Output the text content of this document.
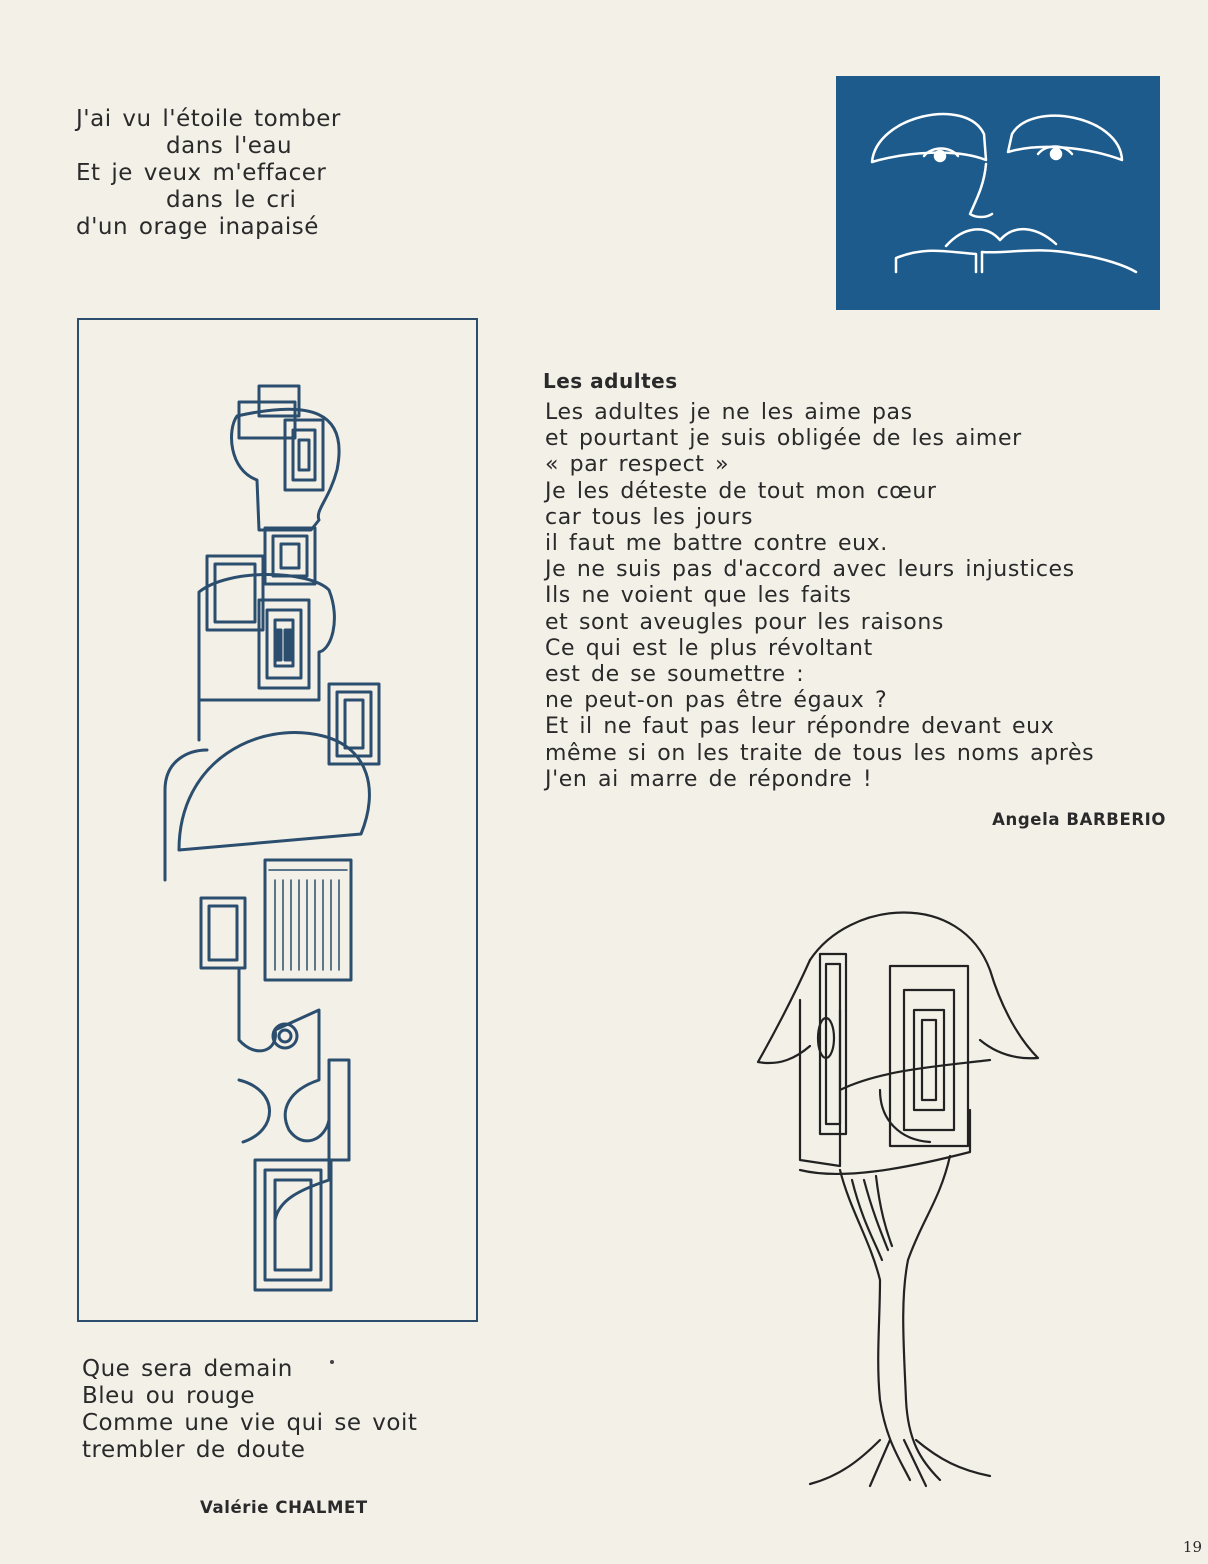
J'ai vu l'étoile tomber
dans l'eau
Et je veux m'effacer
dans le cri
d'un orage inapaisé
Les adultes
Les adultes je ne les aime pas
et pourtant je suis obligée de les aimer
« par respect »
Je les déteste de tout mon cœur
car tous les jours
il faut me battre contre eux.
Je ne suis pas d'accord avec leurs injustices
Ils ne voient que les faits
et sont aveugles pour les raisons
Ce qui est le plus révoltant
est de se soumettre :
ne peut-on pas être égaux ?
Et il ne faut pas leur répondre devant eux
même si on les traite de tous les noms après
J'en ai marre de répondre !
Angela BARBERIO
Que sera demain
Bleu ou rouge
Comme une vie qui se voit
trembler de doute
Valérie CHALMET
19
